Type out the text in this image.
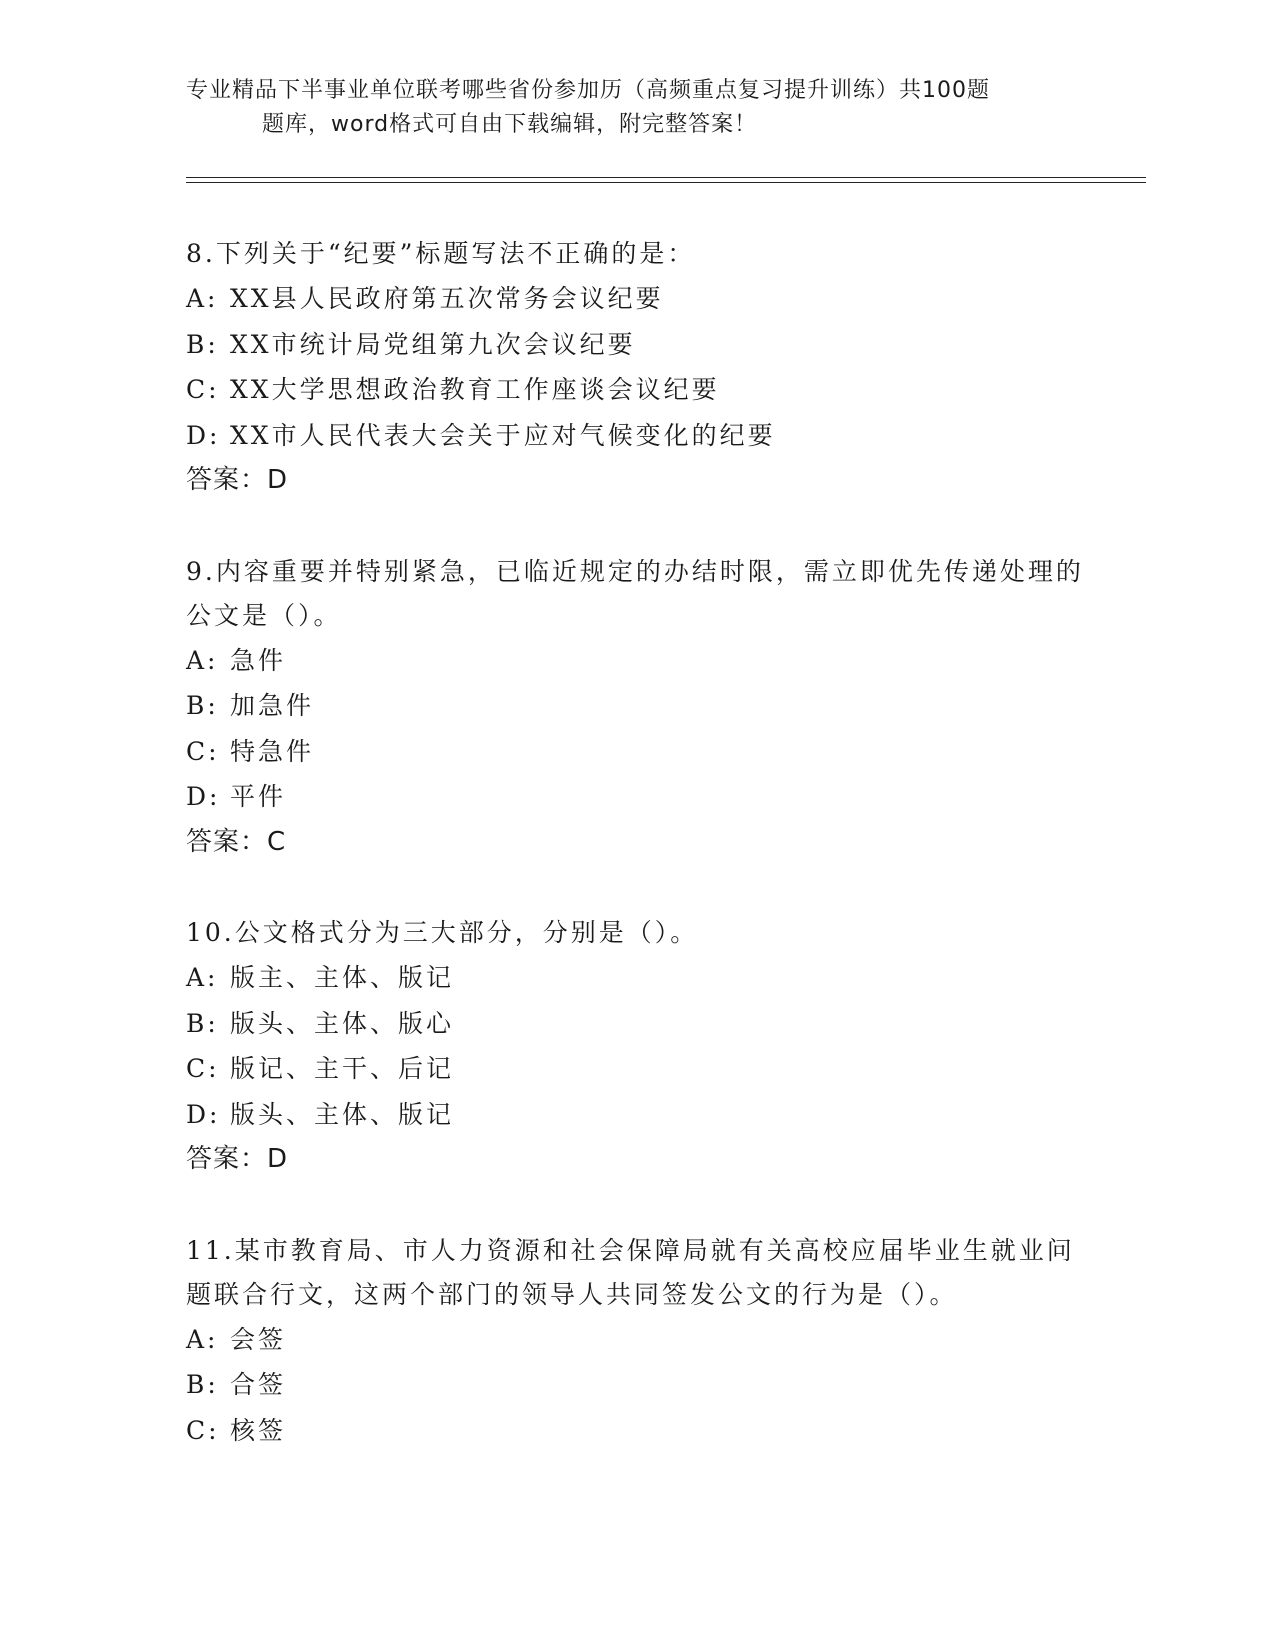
专业精品下半事业单位联考哪些省份参加历（高频重点复习提升训练）共100题
题库，word格式可自由下载编辑，附完整答案！

8.下列关于“纪要”标题写法不正确的是：

A: XX县人民政府第五次常务会议纪要
B: XX市统计局党组第九次会议纪要
C: XX大学思想政治教育工作座谈会议纪要
D: XX市人民代表大会关于应对气候变化的纪要
答案：D

9.内容重要并特别紧急，已临近规定的办结时限，需立即优先传递处理的公文是（）。

A: 急件
B: 加急件
C: 特急件
D: 平件
答案：C

10.公文格式分为三大部分，分别是（）。

A: 版主、主体、版记
B: 版头、主体、版心
C: 版记、主干、后记
D: 版头、主体、版记
答案：D

11.某市教育局、市人力资源和社会保障局就有关高校应届毕业生就业问题联合行文，这两个部门的领导人共同签发公文的行为是（）。

A: 会签
B: 合签
C: 核签
